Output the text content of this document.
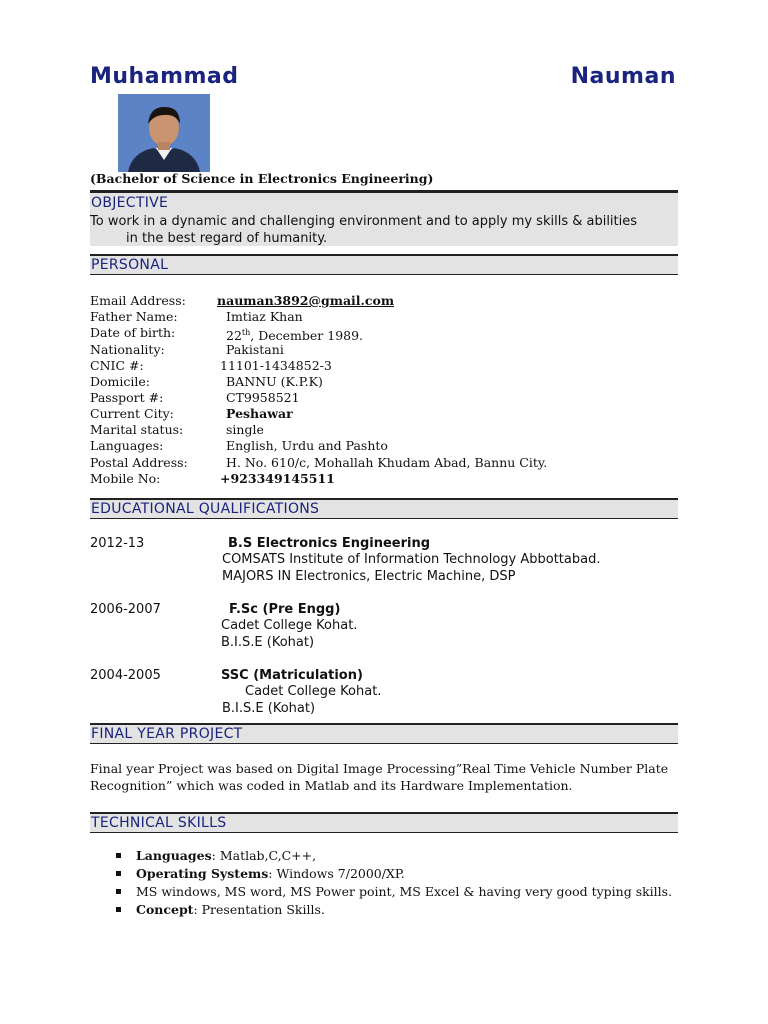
Muhammad	Nauman
(Bachelor of Science in Electronics Engineering)
OBJECTIVE
To work in a dynamic and challenging environment and to apply my skills & abilities
in the best regard of humanity.
PERSONAL
Email Address: nauman3892@gmail.com
Father Name:	Imtiaz Khan
Date of birth:	22th, December 1989.
Nationality:	Pakistani
CNIC #:	11101-1434852-3
Domicile:	BANNU (K.P.K)
Passport #:	CT9958521
Current City:	Peshawar
Marital status:	single
Languages:	English, Urdu and Pashto
Postal Address:	H. No. 610/c, Mohallah Khudam Abad, Bannu City.
Mobile No:	+923349145511
EDUCATIONAL QUALIFICATIONS
2012-13	B.S Electronics Engineering
COMSATS Institute of Information Technology Abbottabad.
MAJORS IN Electronics, Electric Machine, DSP
2006-2007	F.Sc (Pre Engg)
Cadet College Kohat.
B.I.S.E (Kohat)
2004-2005	SSC (Matriculation)
Cadet College Kohat.
B.I.S.E (Kohat)
FINAL YEAR PROJECT
Final year Project was based on Digital Image Processing”Real Time Vehicle Number Plate
Recognition” which was coded in Matlab and its Hardware Implementation.
TECHNICAL SKILLS
Languages: Matlab,C,C++,
Operating Systems: Windows 7/2000/XP.
MS windows, MS word, MS Power point, MS Excel & having very good typing skills.
Concept: Presentation Skills.
